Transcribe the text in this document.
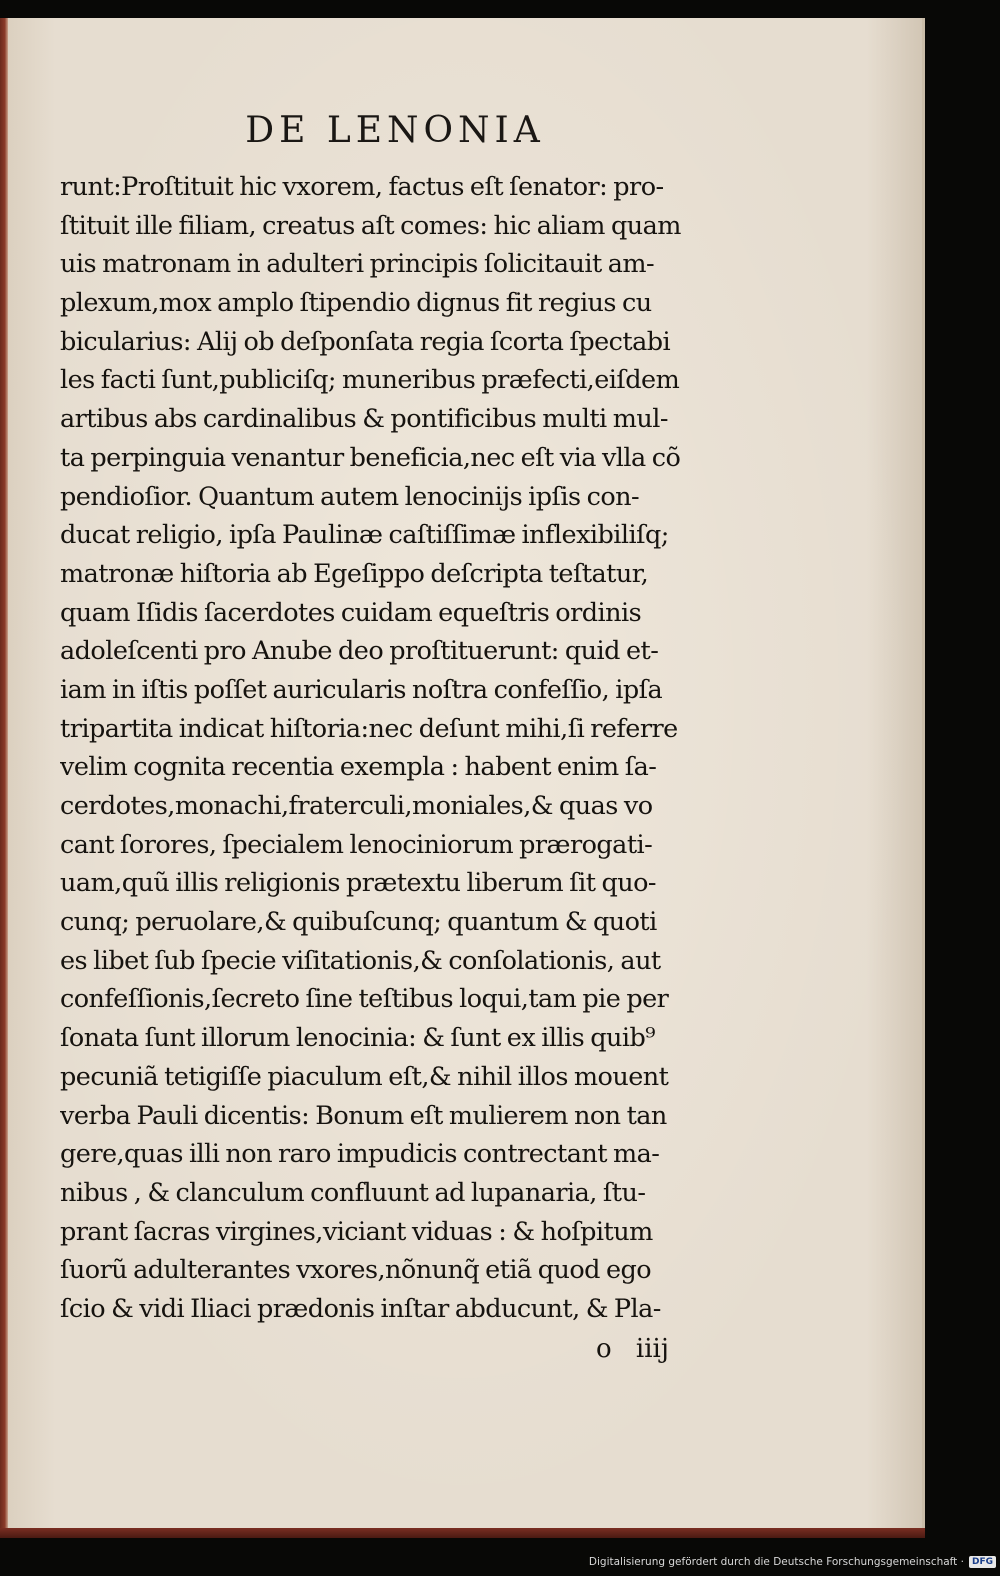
DE LENONIA
runt:Proſtituit hic vxorem, factus eſt ſenator: pro-
ſtituit ille filiam, creatus aſt comes: hic aliam quam
uis matronam in adulteri principis ſolicitauit am-
plexum,mox amplo ſtipendio dignus fit regius cu
bicularius: Alij ob deſponſata regia ſcorta ſpectabi
les facti ſunt,publiciſq; muneribus præfecti,eiſdem
artibus abs cardinalibus & pontificibus multi mul-
ta perpinguia venantur beneficia,nec eſt via vlla cõ
pendioſior. Quantum autem lenocinijs ipſis con-
ducat religio, ipſa Paulinæ caſtiſſimæ inflexibiliſq;
matronæ hiſtoria ab Egeſippo deſcripta teſtatur,
quam Iſidis ſacerdotes cuidam equeſtris ordinis
adoleſcenti pro Anube deo proſtituerunt: quid et-
iam in iſtis poſſet auricularis noſtra confeſſio, ipſa
tripartita indicat hiſtoria:nec deſunt mihi,ſi referre
velim cognita recentia exempla : habent enim ſa-
cerdotes,monachi,fraterculi,moniales,& quas vo
cant ſorores, ſpecialem lenociniorum prærogati-
uam,quũ illis religionis prætextu liberum ſit quo-
cunq; peruolare,& quibuſcunq; quantum & quoti
es libet ſub ſpecie viſitationis,& conſolationis, aut
confeſſionis,ſecreto ſine teſtibus loqui,tam pie per
ſonata ſunt illorum lenocinia: & ſunt ex illis quib⁹
pecuniã tetigiſſe piaculum eſt,& nihil illos mouent
verba Pauli dicentis: Bonum eſt mulierem non tan
gere,quas illi non raro impudicis contrectant ma-
nibus , & clanculum confluunt ad lupanaria, ſtu-
prant ſacras virgines,viciant viduas : & hoſpitum
ſuorũ adulterantes vxores,nõnunq̃ etiã quod ego
ſcio & vidi Iliaci prædonis inſtar abducunt, & Pla-
o iiij
Digitalisierung gefördert durch die Deutsche Forschungsgemeinschaft · DFG
